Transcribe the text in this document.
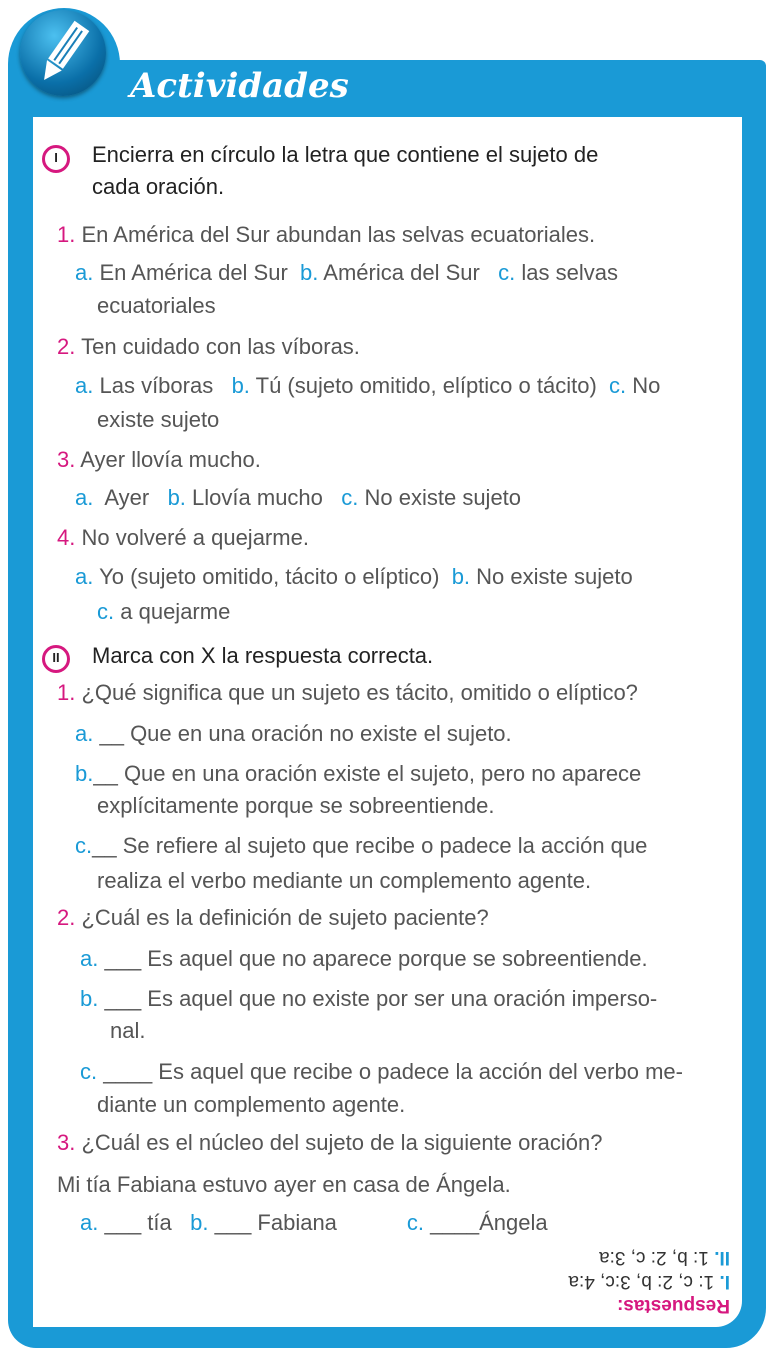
Actividades
I	Encierra en círculo la letra que contiene el sujeto de
cada oración.
1. En América del Sur abundan las selvas ecuatoriales.
a. En América del Sur b. América del Sur c. las selvas
ecuatoriales
2. Ten cuidado con las víboras.
a. Las víboras b. Tú (sujeto omitido, elíptico o tácito) c. No
existe sujeto
3. Ayer llovía mucho.
a. Ayer b. Llovía mucho c. No existe sujeto
4. No volveré a quejarme.
a. Yo (sujeto omitido, tácito o elíptico) b. No existe sujeto
c. a quejarme
II	Marca con X la respuesta correcta.
1. ¿Qué significa que un sujeto es tácito, omitido o elíptico?
a. __ Que en una oración no existe el sujeto.
b.__ Que en una oración existe el sujeto, pero no aparece
explícitamente porque se sobreentiende.
c.__ Se refiere al sujeto que recibe o padece la acción que
realiza el verbo mediante un complemento agente.
2. ¿Cuál es la definición de sujeto paciente?
a. ___ Es aquel que no aparece porque se sobreentiende.
b. ___ Es aquel que no existe por ser una oración imperso-
nal.
c. ____ Es aquel que recibe o padece la acción del verbo me-
diante un complemento agente.
3. ¿Cuál es el núcleo del sujeto de la siguiente oración?
Mi tía Fabiana estuvo ayer en casa de Ángela.
a. ___ tía b. ___ Fabiana	c. ____Ángela
Respuestas:
I. 1: c, 2: b, 3:c, 4:a
II. 1: b, 2: c, 3:a
